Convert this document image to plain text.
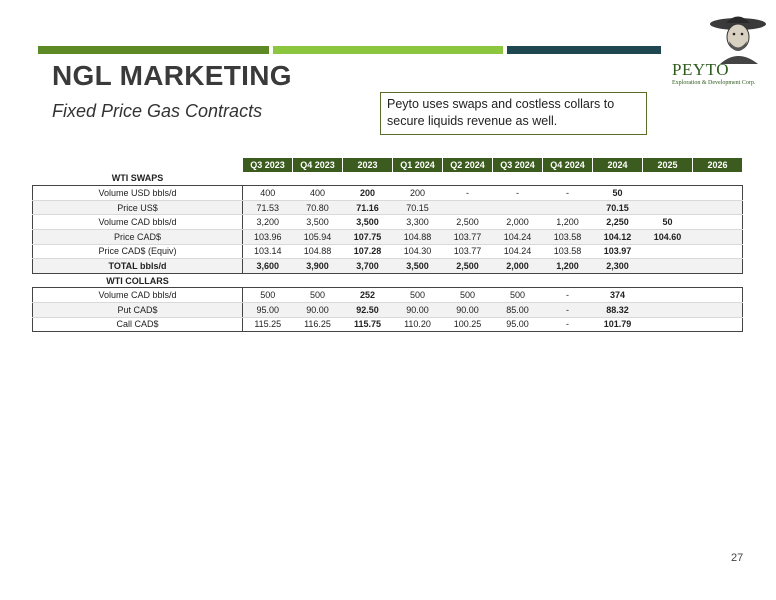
NGL MARKETING
Fixed Price Gas Contracts	Peyto uses swaps and costless collars to secure liquids revenue as well.
PEYTO
Exploration & Development Corp.
	Q3 2023	Q4 2023	2023	Q1 2024	Q2 2024	Q3 2024	Q4 2024	2024	2025	2026
WTI SWAPS										
Volume USD bbls/d	400	400	200	200	-	-	-	50		
Price US$	71.53	70.80	71.16	70.15				70.15		
Volume CAD bbls/d	3,200	3,500	3,500	3,300	2,500	2,000	1,200	2,250	50	
Price CAD$	103.96	105.94	107.75	104.88	103.77	104.24	103.58	104.12	104.60	
Price CAD$ (Equiv)	103.14	104.88	107.28	104.30	103.77	104.24	103.58	103.97		
TOTAL bbls/d	3,600	3,900	3,700	3,500	2,500	2,000	1,200	2,300		
WTI COLLARS										
Volume CAD bbls/d	500	500	252	500	500	500	-	374		
Put CAD$	95.00	90.00	92.50	90.00	90.00	85.00	-	88.32		
Call CAD$	115.25	116.25	115.75	110.20	100.25	95.00	-	101.79		
27
